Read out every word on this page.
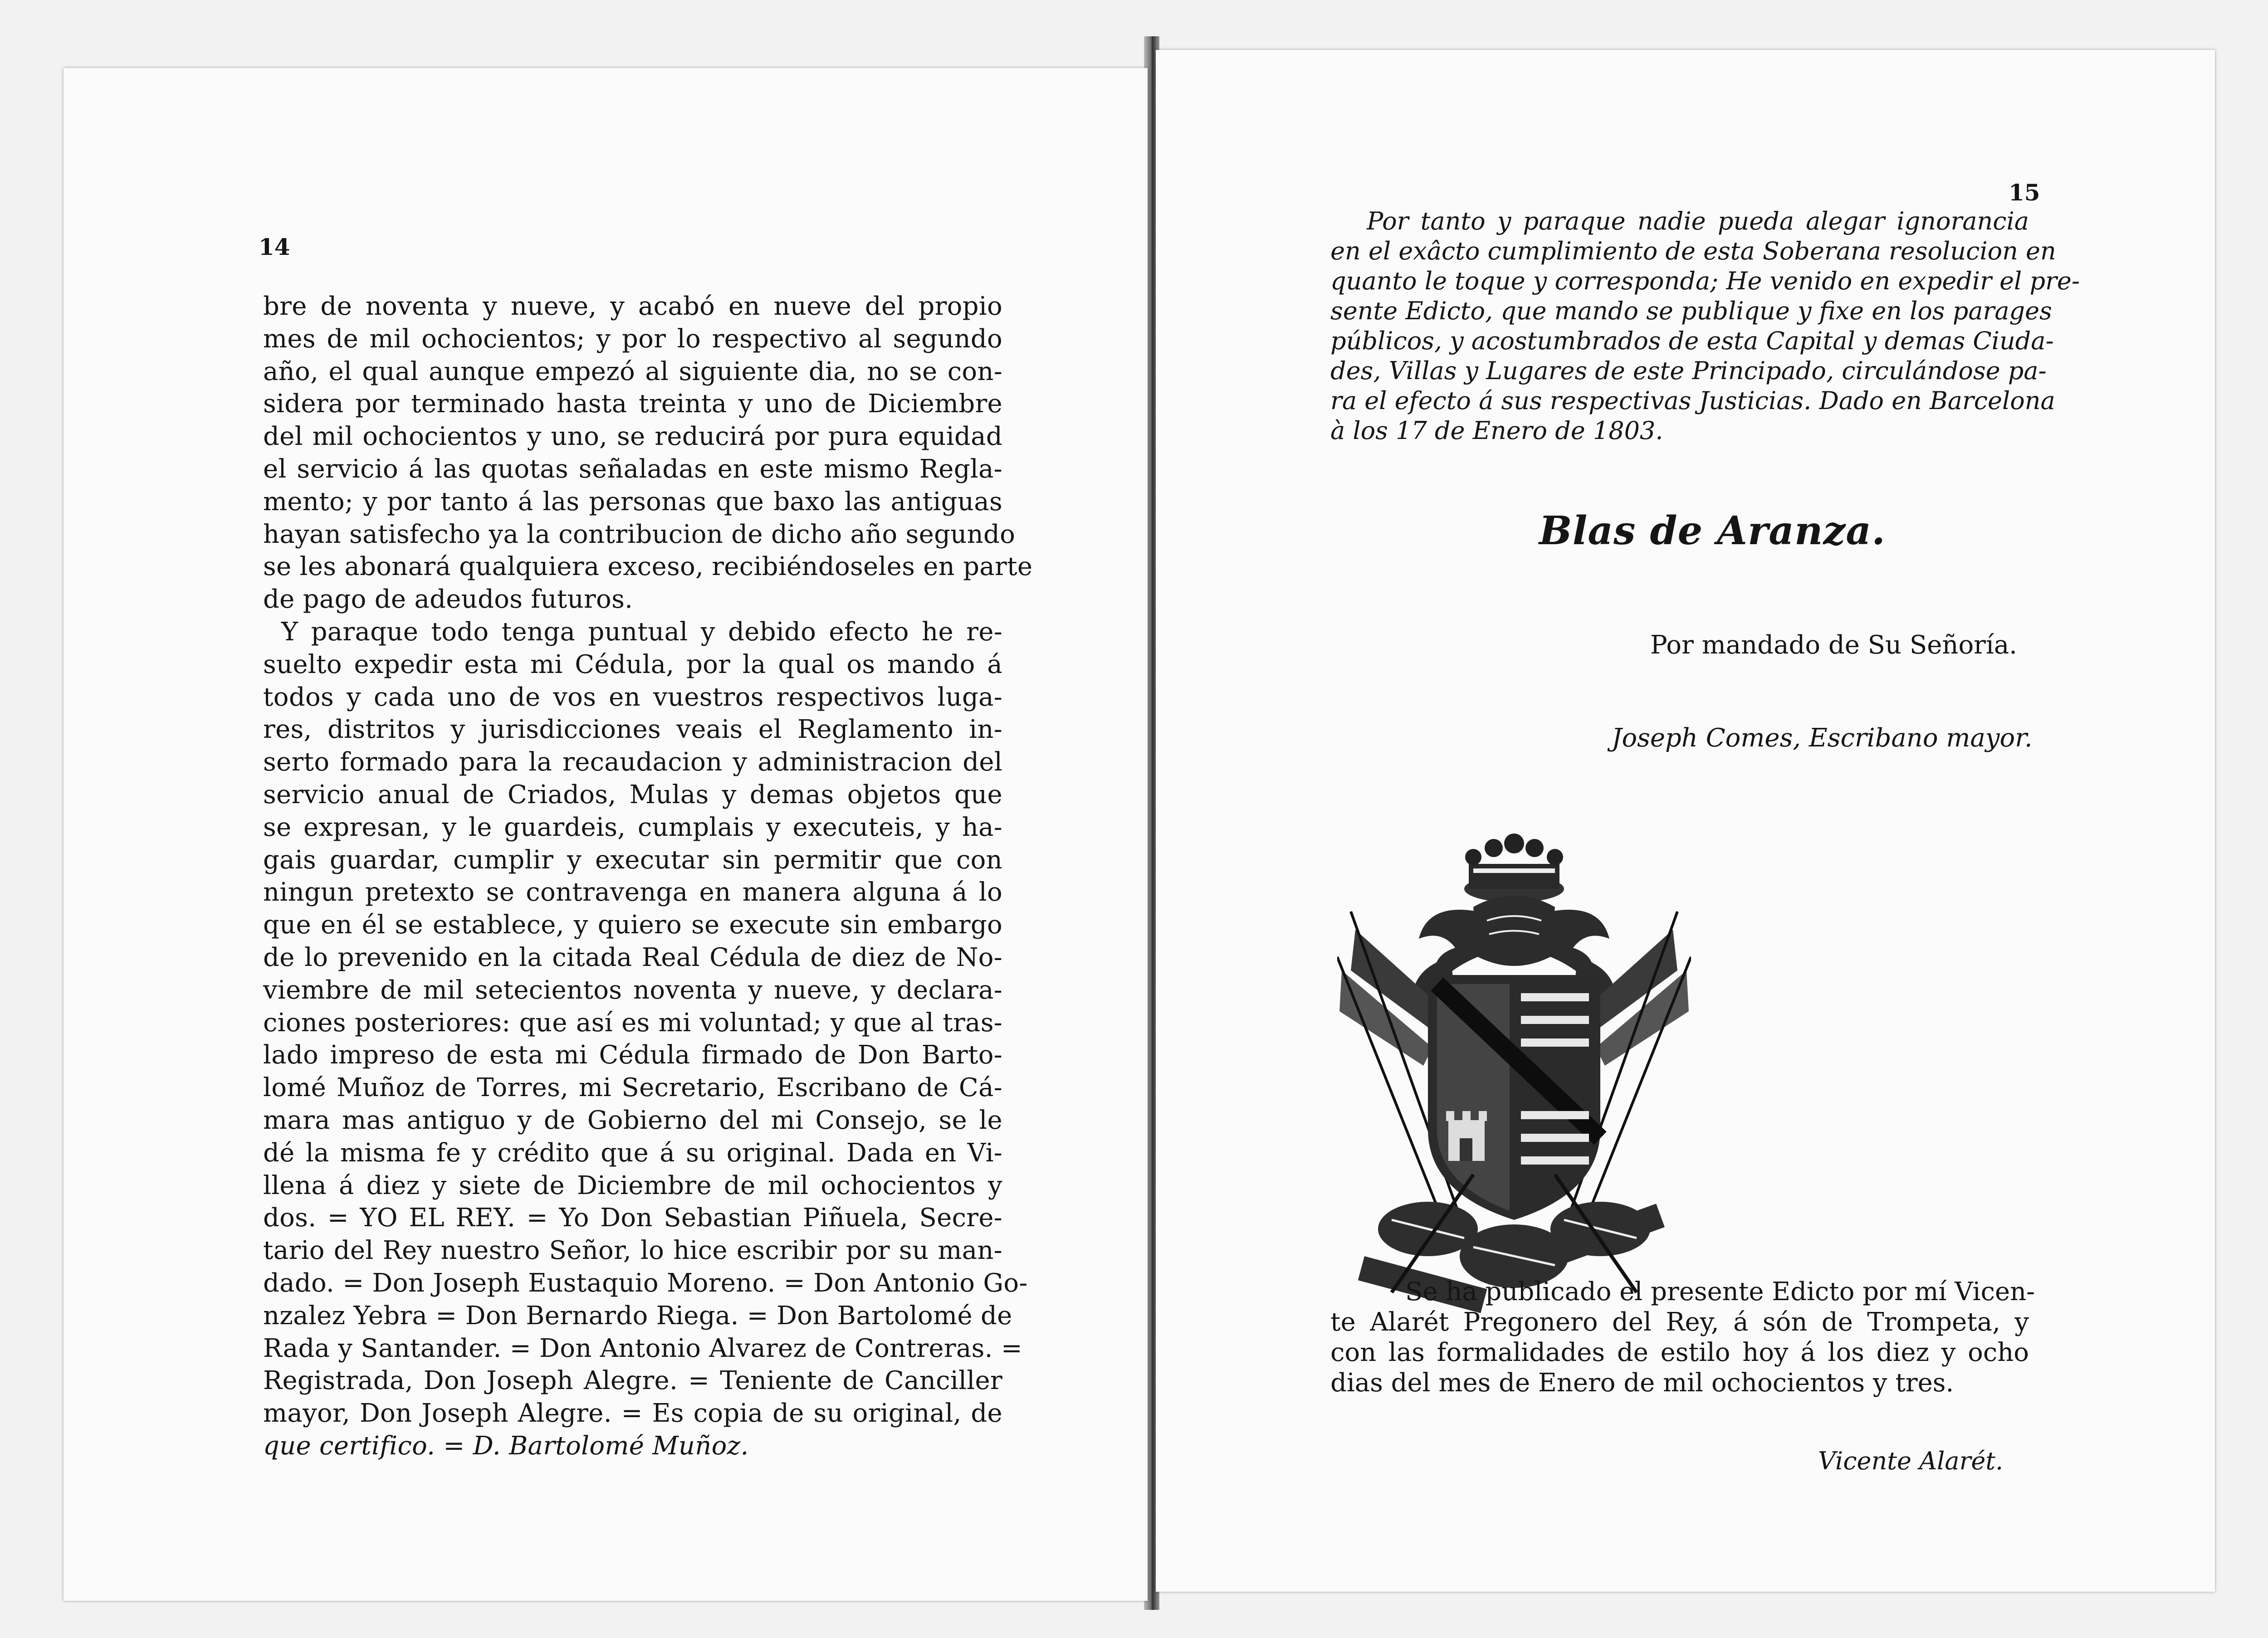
14
bre de noventa y nueve, y acabó en nueve del propio
mes de mil ochocientos; y por lo respectivo al segundo
año, el qual aunque empezó al siguiente dia, no se con-
sidera por terminado hasta treinta y uno de Diciembre
del mil ochocientos y uno, se reducirá por pura equidad
el servicio á las quotas señaladas en este mismo Regla-
mento; y por tanto á las personas que baxo las antiguas
hayan satisfecho ya la contribucion de dicho año segundo
se les abonará qualquiera exceso, recibiéndoseles en parte
de pago de adeudos futuros.
Y paraque todo tenga puntual y debido efecto he re-
suelto expedir esta mi Cédula, por la qual os mando á
todos y cada uno de vos en vuestros respectivos luga-
res, distritos y jurisdicciones veais el Reglamento in-
serto formado para la recaudacion y administracion del
servicio anual de Criados, Mulas y demas objetos que
se expresan, y le guardeis, cumplais y executeis, y ha-
gais guardar, cumplir y executar sin permitir que con
ningun pretexto se contravenga en manera alguna á lo
que en él se establece, y quiero se execute sin embargo
de lo prevenido en la citada Real Cédula de diez de No-
viembre de mil setecientos noventa y nueve, y declara-
ciones posteriores: que así es mi voluntad; y que al tras-
lado impreso de esta mi Cédula firmado de Don Barto-
lomé Muñoz de Torres, mi Secretario, Escribano de Cá-
mara mas antiguo y de Gobierno del mi Consejo, se le
dé la misma fe y crédito que á su original. Dada en Vi-
llena á diez y siete de Diciembre de mil ochocientos y
dos. = YO EL REY. = Yo Don Sebastian Piñuela, Secre-
tario del Rey nuestro Señor, lo hice escribir por su man-
dado. = Don Joseph Eustaquio Moreno. = Don Antonio Go-
nzalez Yebra = Don Bernardo Riega. = Don Bartolomé de
Rada y Santander. = Don Antonio Alvarez de Contreras. =
Registrada, Don Joseph Alegre. = Teniente de Canciller
mayor, Don Joseph Alegre. = Es copia de su original, de
que certifico. = D. Bartolomé Muñoz.
15
Por tanto y paraque nadie pueda alegar ignorancia
en el exâcto cumplimiento de esta Soberana resolucion en
quanto le toque y corresponda; He venido en expedir el pre-
sente Edicto, que mando se publique y fixe en los parages
públicos, y acostumbrados de esta Capital y demas Ciuda-
des, Villas y Lugares de este Principado, circulándose pa-
ra el efecto á sus respectivas Justicias. Dado en Barcelona
à los 17 de Enero de 1803.
Blas de Aranza.
Por mandado de Su Señoría.
Joseph Comes, Escribano mayor.
Se ha publicado el presente Edicto por mí Vicen-
te Alarét Pregonero del Rey, á són de Trompeta, y
con las formalidades de estilo hoy á los diez y ocho
dias del mes de Enero de mil ochocientos y tres.
Vicente Alarét.
